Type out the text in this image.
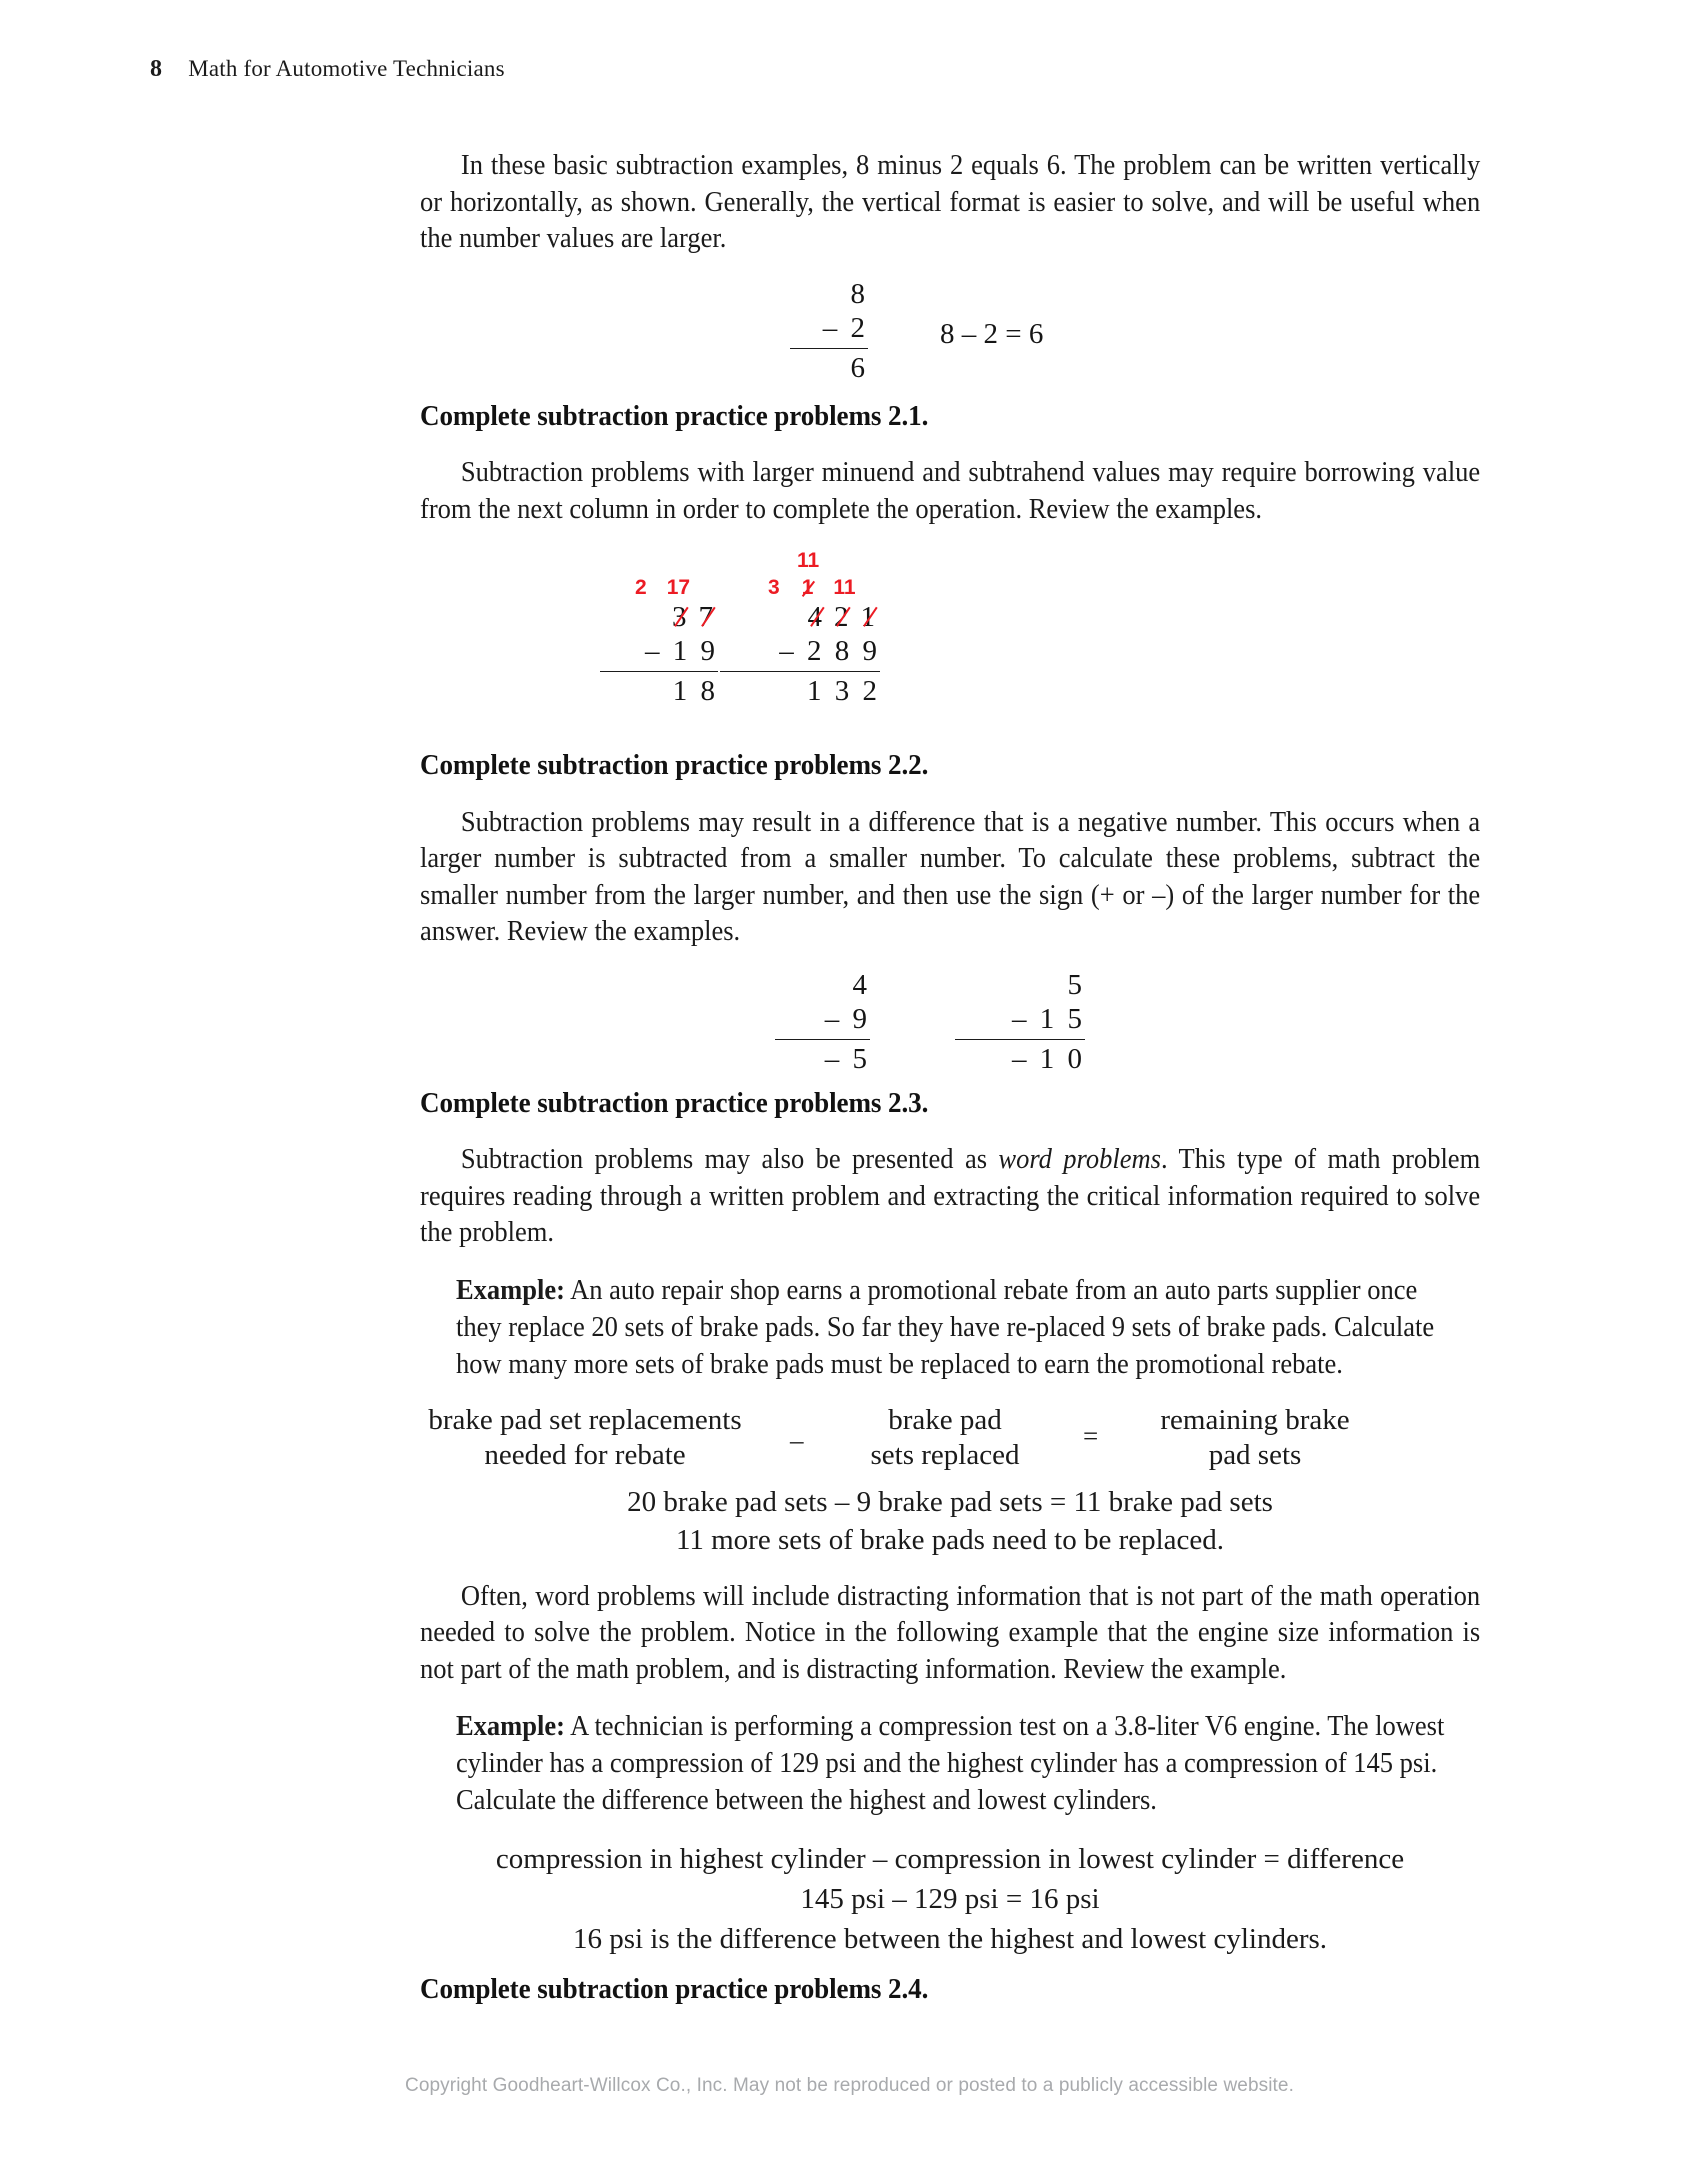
8 Math for Automotive Technicians

In these basic subtraction examples, 8 minus 2 equals 6. The problem can be written vertically or horizontally, as shown. Generally, the vertical format is easier to solve, and will be useful when the number values are larger.

8
– 2
6
8 – 2 = 6
Complete subtraction practice problems 2.1.

Subtraction problems with larger minuend and subtrahend values may require borrowing value from the next column in order to complete the operation. Review the examples.

2 17
3 7
– 1 9
1 8
11
3 1 11
4 2 1
– 2 8 9
1 3 2
Complete subtraction practice problems 2.2.

Subtraction problems may result in a difference that is a negative number. This occurs when a larger number is subtracted from a smaller number. To calculate these problems, subtract the smaller number from the larger number, and then use the sign (+ or –) of the larger number for the answer. Review the examples.

4
– 9
– 5
5
– 1 5
– 1 0
Complete subtraction practice problems 2.3.

Subtraction problems may also be presented as word problems. This type of math problem requires reading through a written problem and extracting the critical information required to solve the problem.

Example: An auto repair shop earns a promotional rebate from an auto parts supplier once they replace 20 sets of brake pads. So far they have re-placed 9 sets of brake pads. Calculate how many more sets of brake pads must be replaced to earn the promotional rebate.
brake pad set replacements
needed for rebate	–
brake pad
sets replaced
=	remaining brake
pad sets
20 brake pad sets – 9 brake pad sets = 11 brake pad sets
11 more sets of brake pads need to be replaced.

Often, word problems will include distracting information that is not part of the math operation needed to solve the problem. Notice in the following example that the engine size information is not part of the math problem, and is distracting information. Review the example.

Example: A technician is performing a compression test on a 3.8-liter V6 engine. The lowest cylinder has a compression of 129 psi and the highest cylinder has a compression of 145 psi. Calculate the difference between the highest and lowest cylinders.
compression in highest cylinder – compression in lowest cylinder = difference
145 psi – 129 psi = 16 psi
16 psi is the difference between the highest and lowest cylinders.
Complete subtraction practice problems 2.4.
Copyright Goodheart-Willcox Co., Inc. May not be reproduced or posted to a publicly accessible website.
